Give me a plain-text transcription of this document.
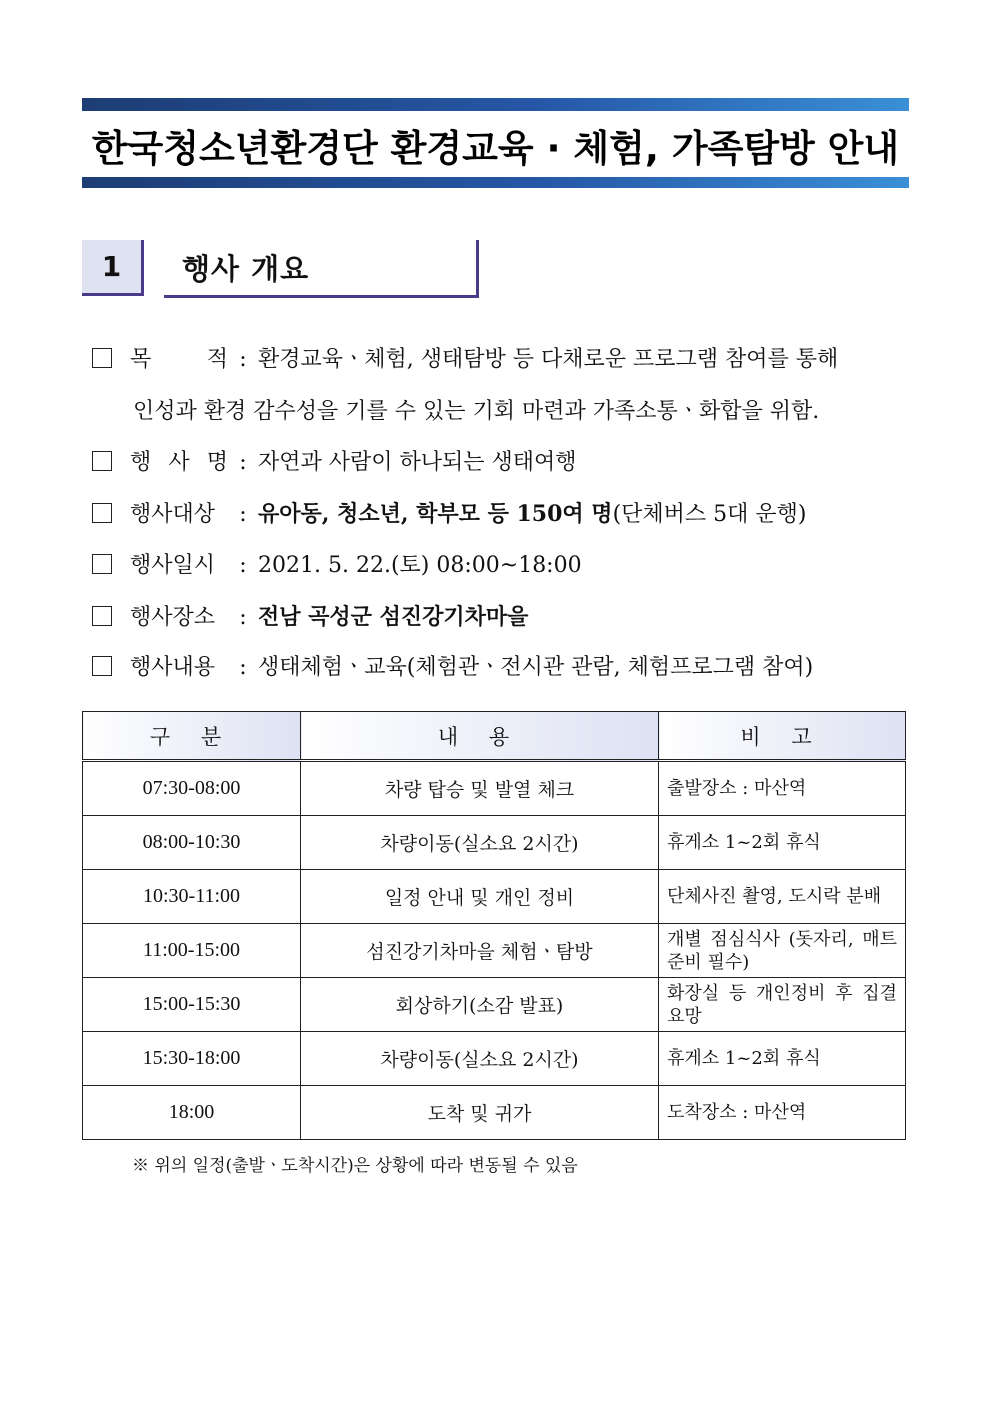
한국청소년환경단 환경교육 · 체험, 가족탐방 안내
1	행사 개요
목 적 : 환경교육ㆍ체험, 생태탐방 등 다채로운 프로그램 참여를 통해
인성과 환경 감수성을 기를 수 있는 기회 마련과 가족소통ㆍ화합을 위함.
행 사 명 : 자연과 사람이 하나되는 생태여행
행사대상 : 유아동, 청소년, 학부모 등 150여 명(단체버스 5대 운행)
행사일시 : 2021. 5. 22.(토) 08:00~18:00
행사장소 : 전남 곡성군 섬진강기차마을
행사내용 : 생태체험ㆍ교육(체험관ㆍ전시관 관람, 체험프로그램 참여)
구 분	내 용	비 고
07:30-08:00	차량 탑승 및 발열 체크	출발장소 : 마산역
08:00-10:30	차량이동(실소요 2시간)	휴게소 1~2회 휴식
10:30-11:00	일정 안내 및 개인 정비	단체사진 촬영, 도시락 분배
11:00-15:00	섬진강기차마을 체험ㆍ탐방	개별 점심식사 (돗자리, 매트 준비 필수)
15:00-15:30	회상하기(소감 발표)	화장실 등 개인정비 후 집결 요망
15:30-18:00	차량이동(실소요 2시간)	휴게소 1~2회 휴식
18:00	도착 및 귀가	도착장소 : 마산역
※ 위의 일정(출발ㆍ도착시간)은 상황에 따라 변동될 수 있음
